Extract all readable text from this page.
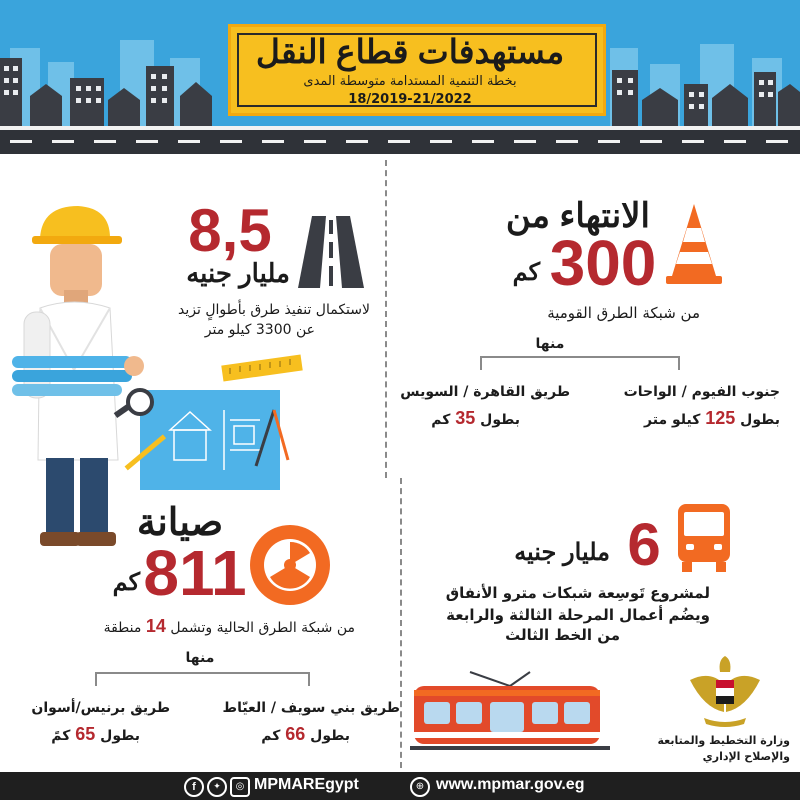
مستهدفات قطاع النقل
بخطة التنمية المستدامة متوسطة المدى
18/2019-21/2022
الانتهاء من
300
كم
من شبكة الطرق القومية
منها
جنوب الفيوم / الواحات
بطول 125 كيلو متر
طريق القاهرة / السويس
بطول 35 كم
8,5
مليار جنيه
لاستكمال تنفيذ طرق بأطوالٍ تزيد
عن 3300 كيلو متر
صيانة
811
كم
من شبكة الطرق الحالية وتشمل 14 منطقة
منها
طريق بني سويف / العيّاط
بطول 66 كم
طريق برنيس/أسوان
بطول 65 كمً
6
مليار جنيه
لمشروع تَوسِعة شبكات مترو الأنفاق
ويضُم أعمال المرحلة الثالثة والرابعة
من الخط الثالث
وزارة التخطيط والمتابعة
والإصلاح الإداري
f	✦	◎ MPMAREgypt	⊕ www.mpmar.gov.eg
